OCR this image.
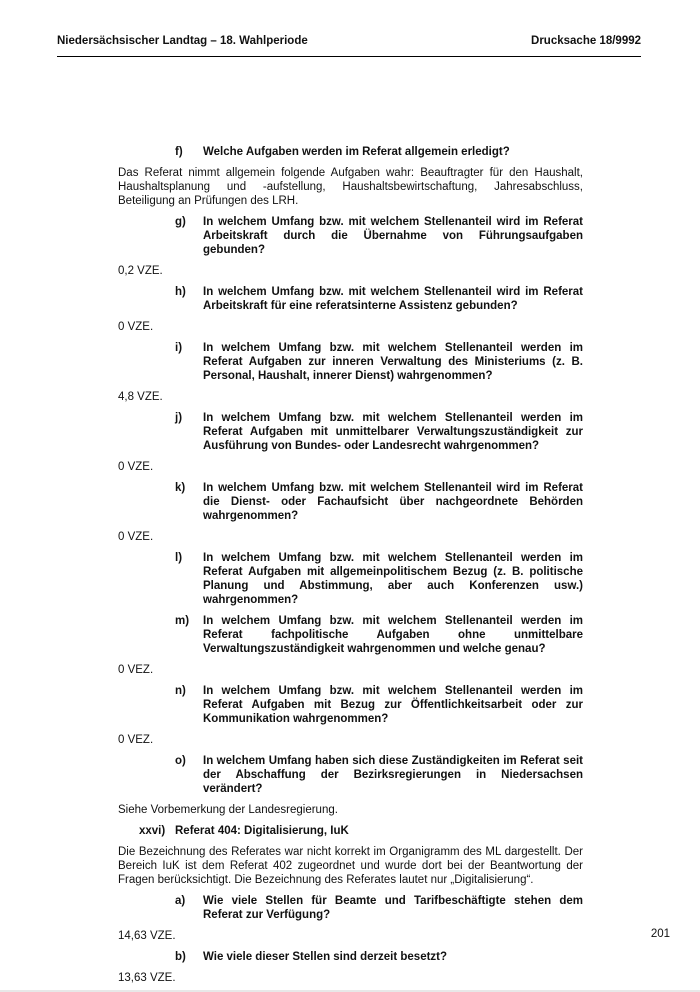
Niedersächsischer Landtag – 18. Wahlperiode	Drucksache 18/9992
f)	Welche Aufgaben werden im Referat allgemein erledigt?
Das Referat nimmt allgemein folgende Aufgaben wahr: Beauftragter für den Haushalt, Haushaltsplanung und -aufstellung, Haushaltsbewirtschaftung, Jahresabschluss, Beteiligung an Prüfungen des LRH.
g)	In welchem Umfang bzw. mit welchem Stellenanteil wird im Referat Arbeitskraft durch die Übernahme von Führungsaufgaben gebunden?
0,2 VZE.
h)	In welchem Umfang bzw. mit welchem Stellenanteil wird im Referat Arbeitskraft für eine referatsinterne Assistenz gebunden?
0 VZE.
i)	In welchem Umfang bzw. mit welchem Stellenanteil werden im Referat Aufgaben zur inneren Verwaltung des Ministeriums (z. B. Personal, Haushalt, innerer Dienst) wahrgenommen?
4,8 VZE.
j)	In welchem Umfang bzw. mit welchem Stellenanteil werden im Referat Aufgaben mit unmittelbarer Verwaltungszuständigkeit zur Ausführung von Bundes- oder Landesrecht wahrgenommen?
0 VZE.
k)	In welchem Umfang bzw. mit welchem Stellenanteil wird im Referat die Dienst- oder Fachaufsicht über nachgeordnete Behörden wahrgenommen?
0 VZE.
l)	In welchem Umfang bzw. mit welchem Stellenanteil werden im Referat Aufgaben mit allgemeinpolitischem Bezug (z. B. politische Planung und Abstimmung, aber auch Konferenzen usw.) wahrgenommen?
m)	In welchem Umfang bzw. mit welchem Stellenanteil werden im Referat fachpolitische Aufgaben ohne unmittelbare Verwaltungszuständigkeit wahrgenommen und welche genau?
0 VEZ.
n)	In welchem Umfang bzw. mit welchem Stellenanteil werden im Referat Aufgaben mit Bezug zur Öffentlichkeitsarbeit oder zur Kommunikation wahrgenommen?
0 VEZ.
o)	In welchem Umfang haben sich diese Zuständigkeiten im Referat seit der Abschaffung der Bezirksregierungen in Niedersachsen verändert?
Siehe Vorbemerkung der Landesregierung.
xxvi) Referat 404: Digitalisierung, IuK
Die Bezeichnung des Referates war nicht korrekt im Organigramm des ML dargestellt. Der Bereich IuK ist dem Referat 402 zugeordnet und wurde dort bei der Beantwortung der Fragen berücksichtigt. Die Bezeichnung des Referates lautet nur „Digitalisierung“.
a)	Wie viele Stellen für Beamte und Tarifbeschäftigte stehen dem Referat zur Verfügung?
14,63 VZE.
b)	Wie viele dieser Stellen sind derzeit besetzt?
13,63 VZE.
201
